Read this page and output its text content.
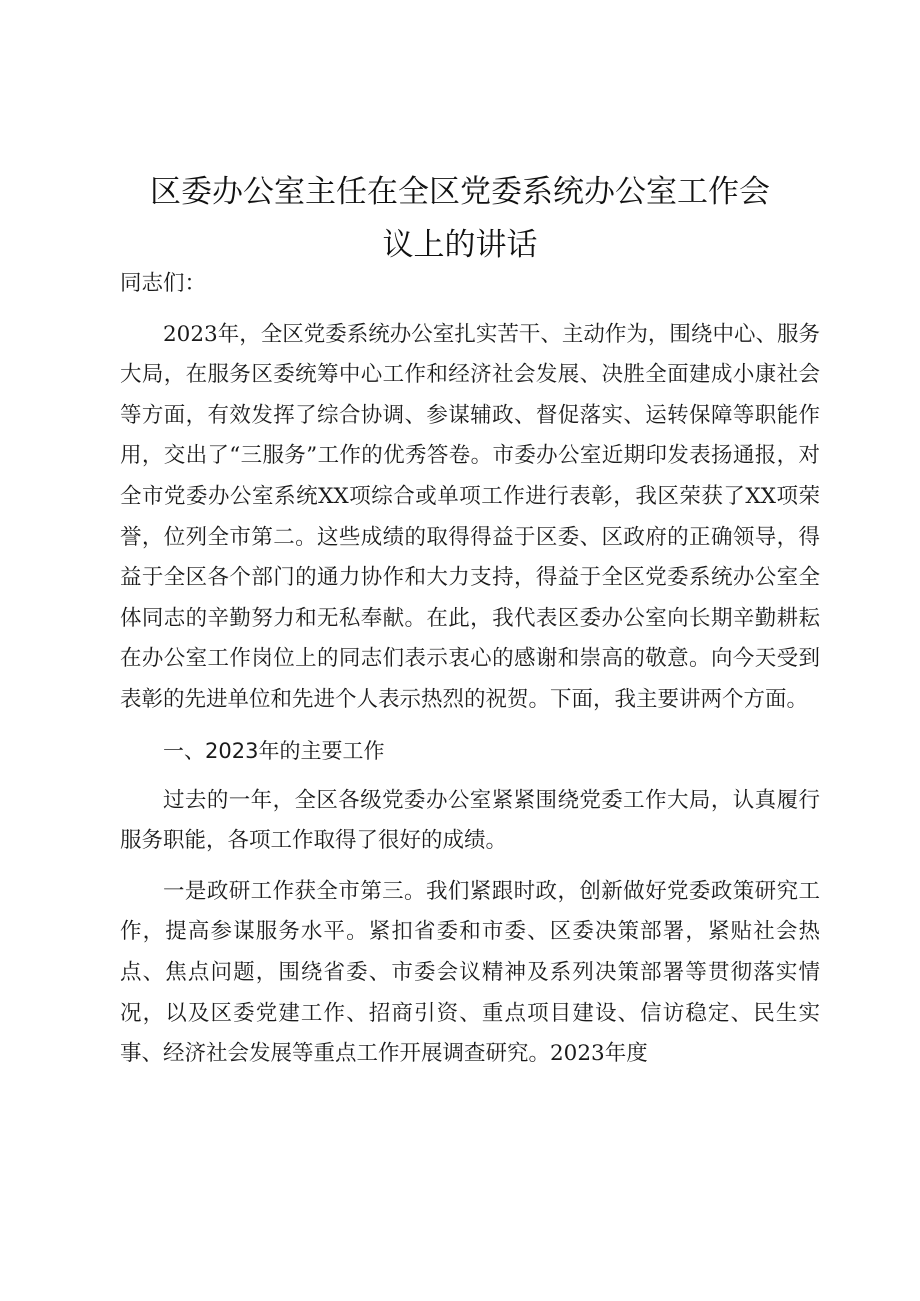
区委办公室主任在全区党委系统办公室工作会
议上的讲话

同志们：

2023年，全区党委系统办公室扎实苦干、主动作为，围绕中心、服务大局，在服务区委统筹中心工作和经济社会发展、决胜全面建成小康社会等方面，有效发挥了综合协调、参谋辅政、督促落实、运转保障等职能作用，交出了“三服务”工作的优秀答卷。市委办公室近期印发表扬通报，对全市党委办公室系统XX项综合或单项工作进行表彰，我区荣获了XX项荣誉，位列全市第二。这些成绩的取得得益于区委、区政府的正确领导，得益于全区各个部门的通力协作和大力支持，得益于全区党委系统办公室全体同志的辛勤努力和无私奉献。在此，我代表区委办公室向长期辛勤耕耘在办公室工作岗位上的同志们表示衷心的感谢和崇高的敬意。向今天受到表彰的先进单位和先进个人表示热烈的祝贺。下面，我主要讲两个方面。

一、2023年的主要工作

过去的一年，全区各级党委办公室紧紧围绕党委工作大局，认真履行服务职能，各项工作取得了很好的成绩。

一是政研工作获全市第三。我们紧跟时政，创新做好党委政策研究工作，提高参谋服务水平。紧扣省委和市委、区委决策部署，紧贴社会热点、焦点问题，围绕省委、市委会议精神及系列决策部署等贯彻落实情况，以及区委党建工作、招商引资、重点项目建设、信访稳定、民生实事、经济社会发展等重点工作开展调查研究。2023年度
